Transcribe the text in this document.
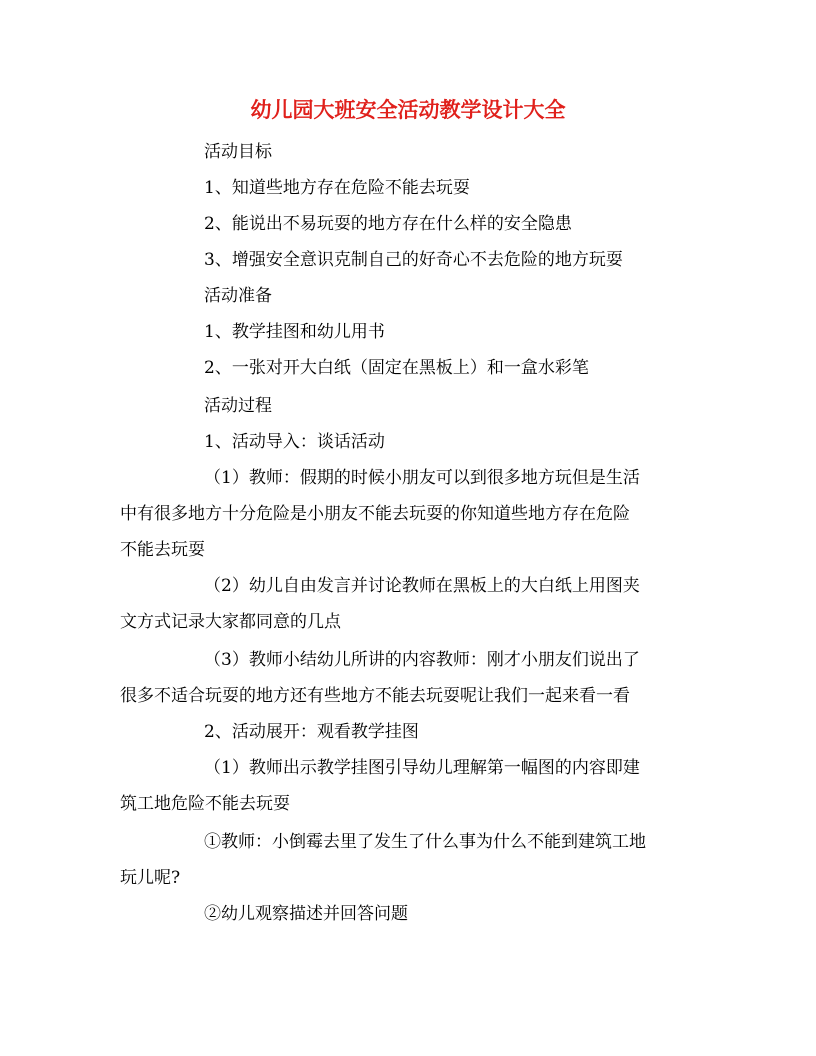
幼儿园大班安全活动教学设计大全

活动目标

1、知道些地方存在危险不能去玩耍

2、能说出不易玩耍的地方存在什么样的安全隐患

3、增强安全意识克制自己的好奇心不去危险的地方玩耍

活动准备

1、教学挂图和幼儿用书

2、一张对开大白纸（固定在黑板上）和一盒水彩笔

活动过程

1、活动导入：谈话活动

（1）教师：假期的时候小朋友可以到很多地方玩但是生活

中有很多地方十分危险是小朋友不能去玩耍的你知道些地方存在危险

不能去玩耍

（2）幼儿自由发言并讨论教师在黑板上的大白纸上用图夹

文方式记录大家都同意的几点

（3）教师小结幼儿所讲的内容教师：刚才小朋友们说出了

很多不适合玩耍的地方还有些地方不能去玩耍呢让我们一起来看一看

2、活动展开：观看教学挂图

（1）教师出示教学挂图引导幼儿理解第一幅图的内容即建

筑工地危险不能去玩耍

①教师：小倒霉去里了发生了什么事为什么不能到建筑工地

玩儿呢?

②幼儿观察描述并回答问题
